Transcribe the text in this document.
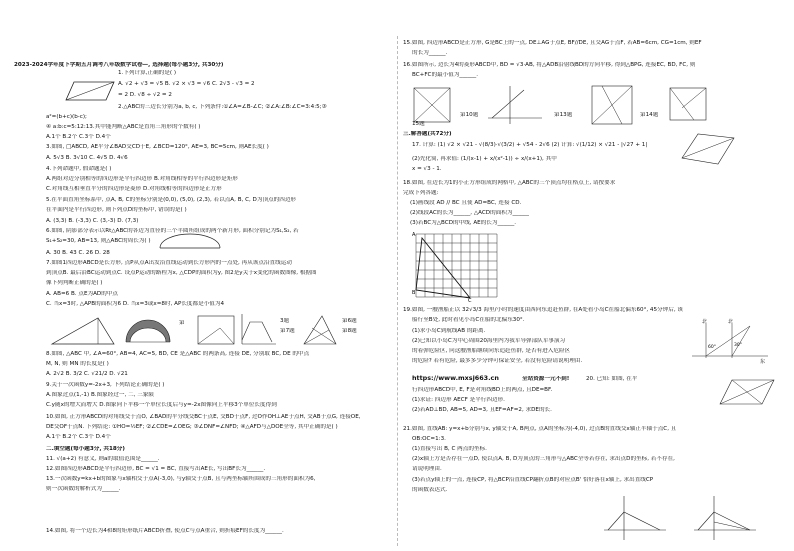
2023-2024学年度下学期五月调考八年级数学试卷—, 选择题(每小题3分, 共30分)
1.下列计算,正确的是( )
A. √2 + √3 = √5 B. √2 × √3 = √6 C. 2√3 - √3 = 2
= 2 D. √8 ÷ √2 = 2
2.△ABC的三边长分别为a, b, c, 下列条件:①∠A=∠B-∠C; ②∠A:∠B:∠C=3:4:5;③
a²=(b+c)(b-c);
④ a:b:c=5:12:13.其中能判断△ABC是直角三角形的个数有( )
A.1个 B.2个 C.3个 D.4个
3.如图, □ABCD, AE平分∠BAD交CD于E, ∠BCD=120°, AE=3, BC=5cm, 则AE长度( )
A. 5√3 B. 3√10 C. 4√5 D. 4√6
4.下列命题中, 假命题是( )
A.两组对边分别相等的四边形是平行四边形 B.对角线相等的平行四边形是矩形
C.对角线互相垂直平分的四边形是菱形 D.对角线相等的四边形是正方形
5.在平面直角坐标系中, 点A, B, C的坐标分别是(0,0), (5,0), (2,3), 若以点A, B, C, D为顶点的四边形
在平面内是平行四边形, 则下列点D的坐标中, 错误的是( )
A. (3,3) B. (-3,3) C. (3,-3) D. (7,3)
6.如图, 阴影部分表示以Rt△ABC的各边为直径的三个半圆所组成的两个新月形, 面积分别记为S₁,S₂, 若
S₁+S₂=30, AB=13, 则△ABC的周长为( )
A. 30 B. 43 C. 26 D. 28
7.如图1四边形ABCD是长方形, 点P从点A出发沿直线运动到长方形内的一点处, 再从该点沿直线运动
到顶点B. 最后沿BC运动到点C. 设点P运动的路程为x, △CDP的面积为y, 图2是y关于x变化的函数图像, 根据图
像下列判断正确的是( )
A. AB=6 B. 点E为AD的中点
C. 当x=3时, △APB的面积为6 D. 当x=3或x=8时, AP长度都是小值为4
第	3题
第7题
第6题
第8题
8.如图, △ABC 中, ∠A=60°, AB=4, AC=5, BD, CE 是△ABC 的两条高, 连接 DE, 分别取 BC, DE 的中点
M, N, 则 MN 的长度是( )
A. 2√2 B. 3/2 C. √21/2 D. √21
9.关于一次函数y=-2x+3, 下列结论正确的是( )
A.图象过点(1,-1) B.图象经过一, 二, 三象限
C.y随x的增大而增大 D.图象向下平移一个单位长度后与y=-2x图像向上平移3个单位长度得到
10.如图, 正方形ABCD的对角线交于点O, ∠BAD的平分线交BC于点E, 交BD于点F, 过O作OH⊥AE于点H, 交AB于点G, 连接OE,
DE交OF于点N. 下列结论: ①HO=½EF; ②∠CDE=∠OEG; ③∠DNF=∠NFD; ④△AFD与△DOE全等, 其中正确的是( )
A.1个 B.2个 C.3个 D.4个
二.填空题(每小题3分, 共18分)
11. √(a+2) 有意义, 则a的取值范围是______.
12.如图四边形ABCD是平行四边形, BC = √1 = BC, 直接写出AE长, 写出BF长为______.
13.一次函数y=kx+b的图象与x轴相交于点A(-3,0), 与y轴交于点B, 且与两坐标轴所围成的三角形的面积为6,
则一次函数的解析式为______.
14.如图, 将一个边长为4和8的矩形纸片ABCD折叠, 使点C与点A重合, 则折痕EF的长度为______.
15.如图, 四边形ABCD是正方形, G是BC上的一点, DE⊥AG于点E, BF//DE, 且交AG于点F, 若AB=6cm, CG=1cm, 则EF
的长为______.
16.如图所示, 边长为4的菱形ABCD中, BD = √3·AB, 将△ADB沿射线BD的方向平移, 得到△BPG, 连接EC, BD, FC, 则
BC+FC的最小值为______.
第10题	第13题	第14题
15题
三.解答题(共72分)
17. 计算: (1) √2 × √21 - √(8/3)·√(3/2) + √54 - 2√6 (2) 计算: √(1/12) × √21 - |√27 + 1|
(2)先化简, 再求值: (1/(x-1) + x/(x²-1)) ÷ x/(x+1), 其中
x = √3 - 1.
18.如图, 在边长为1的小正方形组成的网格中, △ABC的三个顶点均在格点上, 请按要求
完成下列各题:
(1)画线段 AD // BC 且使 AD=BC, 连接 CD.
(2)线段AC的长为______, △ACD的面积为______
(3)若BC为△BCD的中线, AE的长为______.
A
B
C
19.如图, 一艘渔船正以 32√3/3 海里/小时的速度由西向东追赶鱼群, 在A处看小岛C在船北偏东60°, 45分钟后, 该
船行至B处, 此时看见小岛C在船的北偏东30°.
(1)求小岛C到航线AB 的距离.
(2)已知以小岛C为中心周围20海里内为我军导弹部队军事演习
的着弹危险区, 问这艘渔船继续向东追赶鱼群, 是否有进入危险区
的危险? 若有危险, 最多多少分钟可保证安全, 若没有危险请说明理由.
北	北
东
60°	30°
https://www.mxsj663.cn	全站资源一元不到!	20. 已知: 如图, 在平
行四边形ABCD中, E, F是对角线BD上的两点, 且DE=BF.
(1)求证: 四边形 AECF 是平行四边形.
(2)若AD⊥BD, AB=5, AD=3, 且EF=AF=2, 求DE的长.
21.如图, 直线AB: y=x+b分别与x, y轴交于A, B两点, 点A的坐标为(-4,0), 过点B的直线交x轴正半轴于点C, 且
OB:OC=1:3.
(1)直接写出 B, C 两点的坐标.
(2)x轴上方是否存在一点D, 使以点A, B, D为顶点的三角形与△ABC全等若存在, 求出点D的坐标, 若不存在,
请说明理由.
(3)若点y轴上的一点, 连接CP, 将△BCP沿直线CP翻折点B的对应点B' 恰好落在x轴上, 求出直线CP
的函数表达式.
